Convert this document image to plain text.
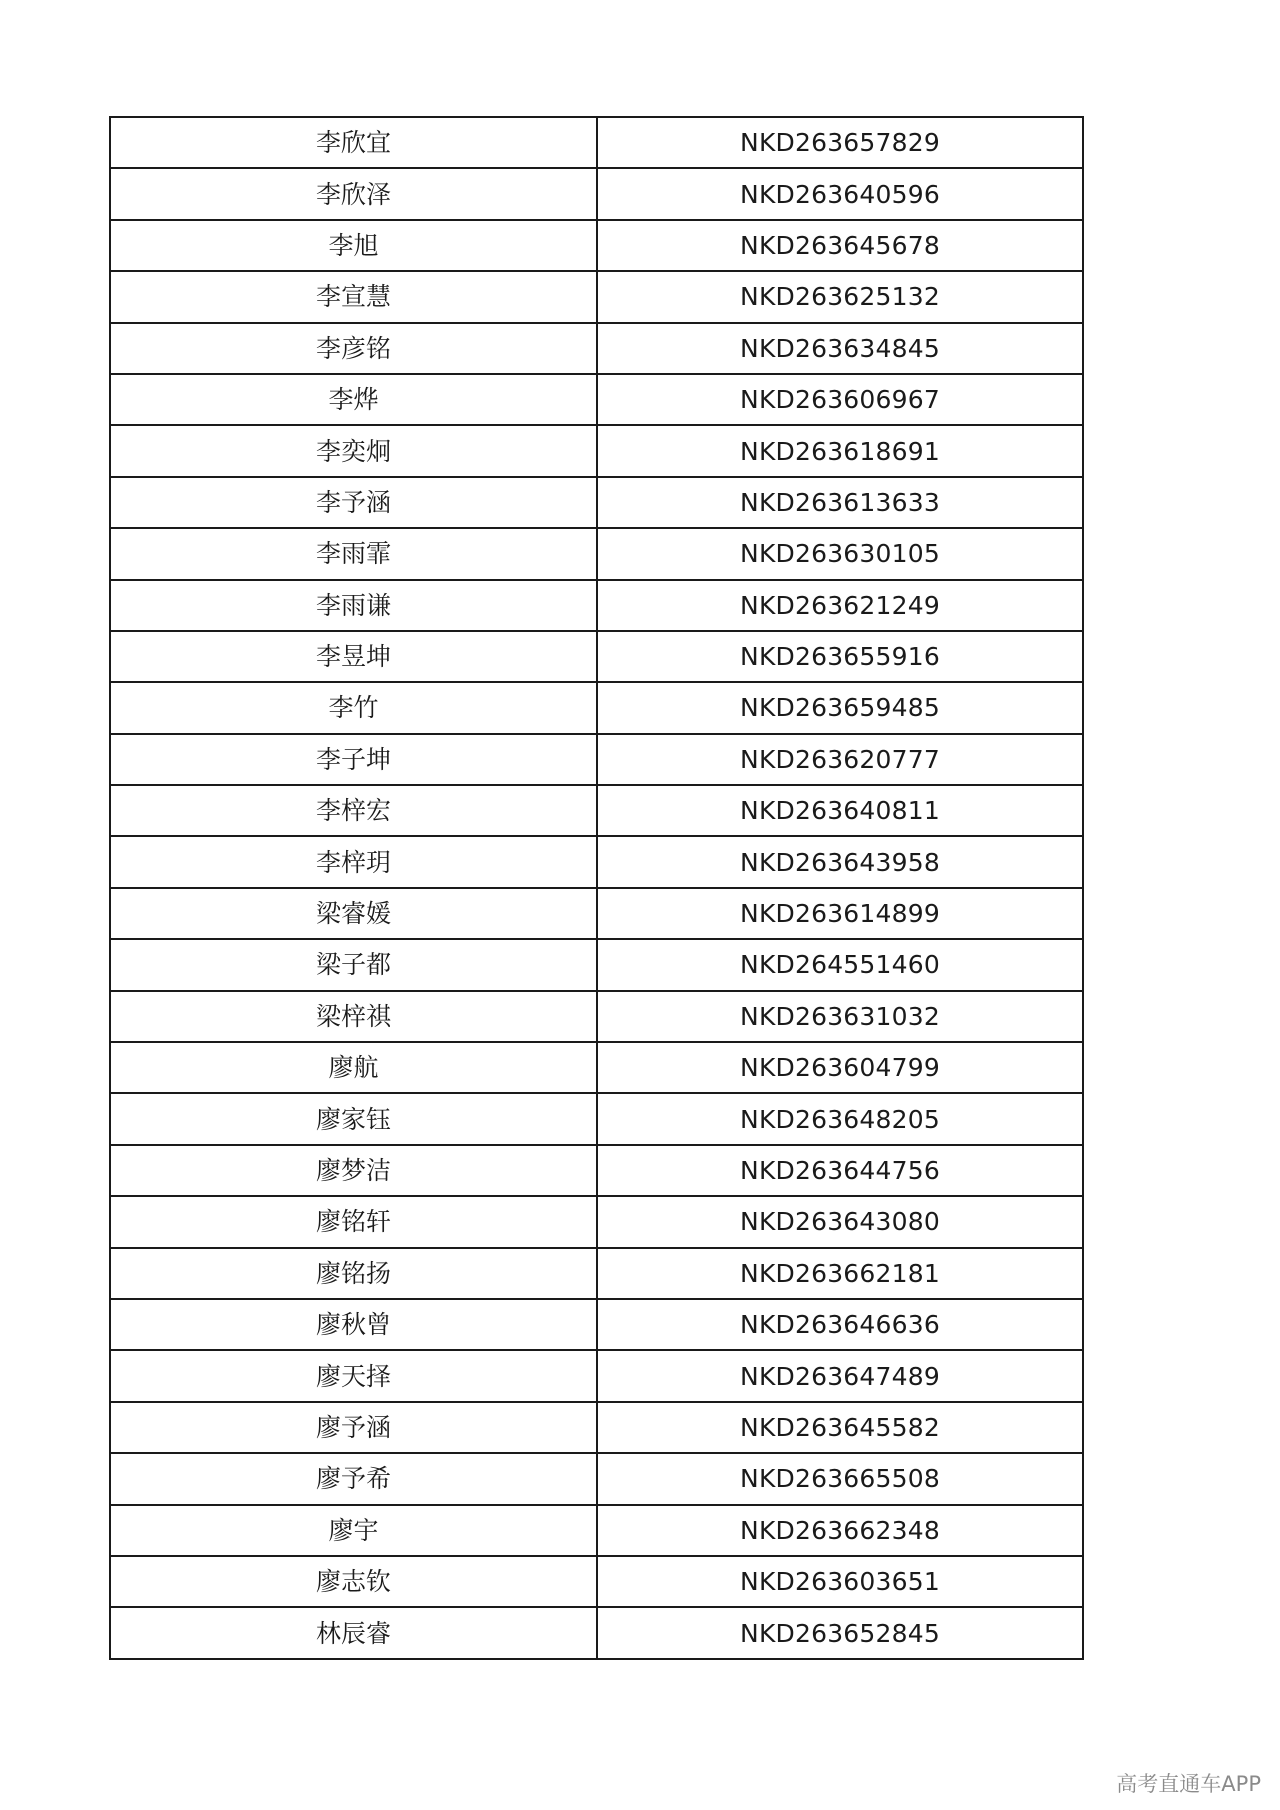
李欣宜	NKD263657829
李欣泽	NKD263640596
李旭	NKD263645678
李宣慧	NKD263625132
李彦铭	NKD263634845
李烨	NKD263606967
李奕炯	NKD263618691
李予涵	NKD263613633
李雨霏	NKD263630105
李雨谦	NKD263621249
李昱坤	NKD263655916
李竹	NKD263659485
李子坤	NKD263620777
李梓宏	NKD263640811
李梓玥	NKD263643958
梁睿媛	NKD263614899
梁子都	NKD264551460
梁梓祺	NKD263631032
廖航	NKD263604799
廖家钰	NKD263648205
廖梦洁	NKD263644756
廖铭轩	NKD263643080
廖铭扬	NKD263662181
廖秋曾	NKD263646636
廖天择	NKD263647489
廖予涵	NKD263645582
廖予希	NKD263665508
廖宇	NKD263662348
廖志钦	NKD263603651
林辰睿	NKD263652845
高考直通车APP
